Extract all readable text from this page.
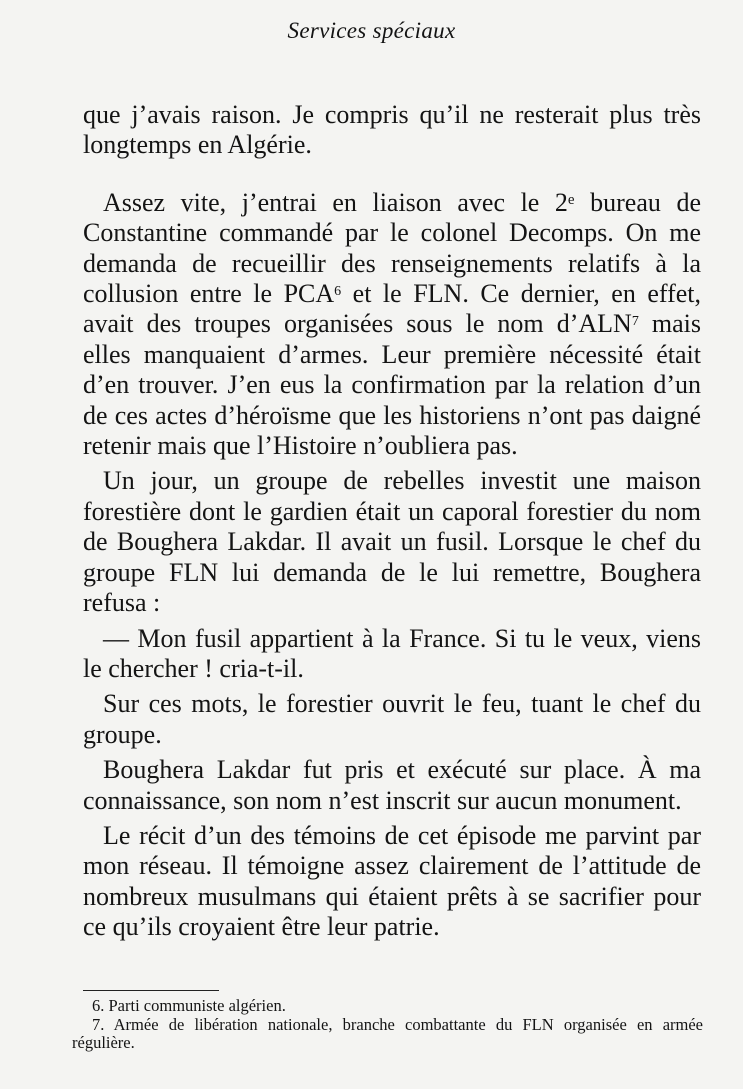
Services spéciaux

que j’avais raison. Je compris qu’il ne resterait plus très longtemps en Algérie.

Assez vite, j’entrai en liaison avec le 2e bureau de Constantine commandé par le colonel Decomps. On me demanda de recueillir des renseignements relatifs à la collusion entre le PCA$^6$ et le FLN. Ce dernier, en effet, avait des troupes organisées sous le nom d’ALN$^7$ mais elles manquaient d’armes. Leur première nécessité était d’en trouver. J’en eus la confirmation par la relation d’un de ces actes d’héroïsme que les historiens n’ont pas daigné retenir mais que l’Histoire n’oubliera pas.

Un jour, un groupe de rebelles investit une maison forestière dont le gardien était un caporal forestier du nom de Boughera Lakdar. Il avait un fusil. Lorsque le chef du groupe FLN lui demanda de le lui remettre, Boughera refusa :

— Mon fusil appartient à la France. Si tu le veux, viens le chercher ! cria-t-il.

Sur ces mots, le forestier ouvrit le feu, tuant le chef du groupe.

Boughera Lakdar fut pris et exécuté sur place. À ma connaissance, son nom n’est inscrit sur aucun monument.

Le récit d’un des témoins de cet épisode me parvint par mon réseau. Il témoigne assez clairement de l’attitude de nombreux musulmans qui étaient prêts à se sacrifier pour ce qu’ils croyaient être leur patrie.

6. Parti communiste algérien.

7. Armée de libération nationale, branche combattante du FLN organisée en armée régulière.
